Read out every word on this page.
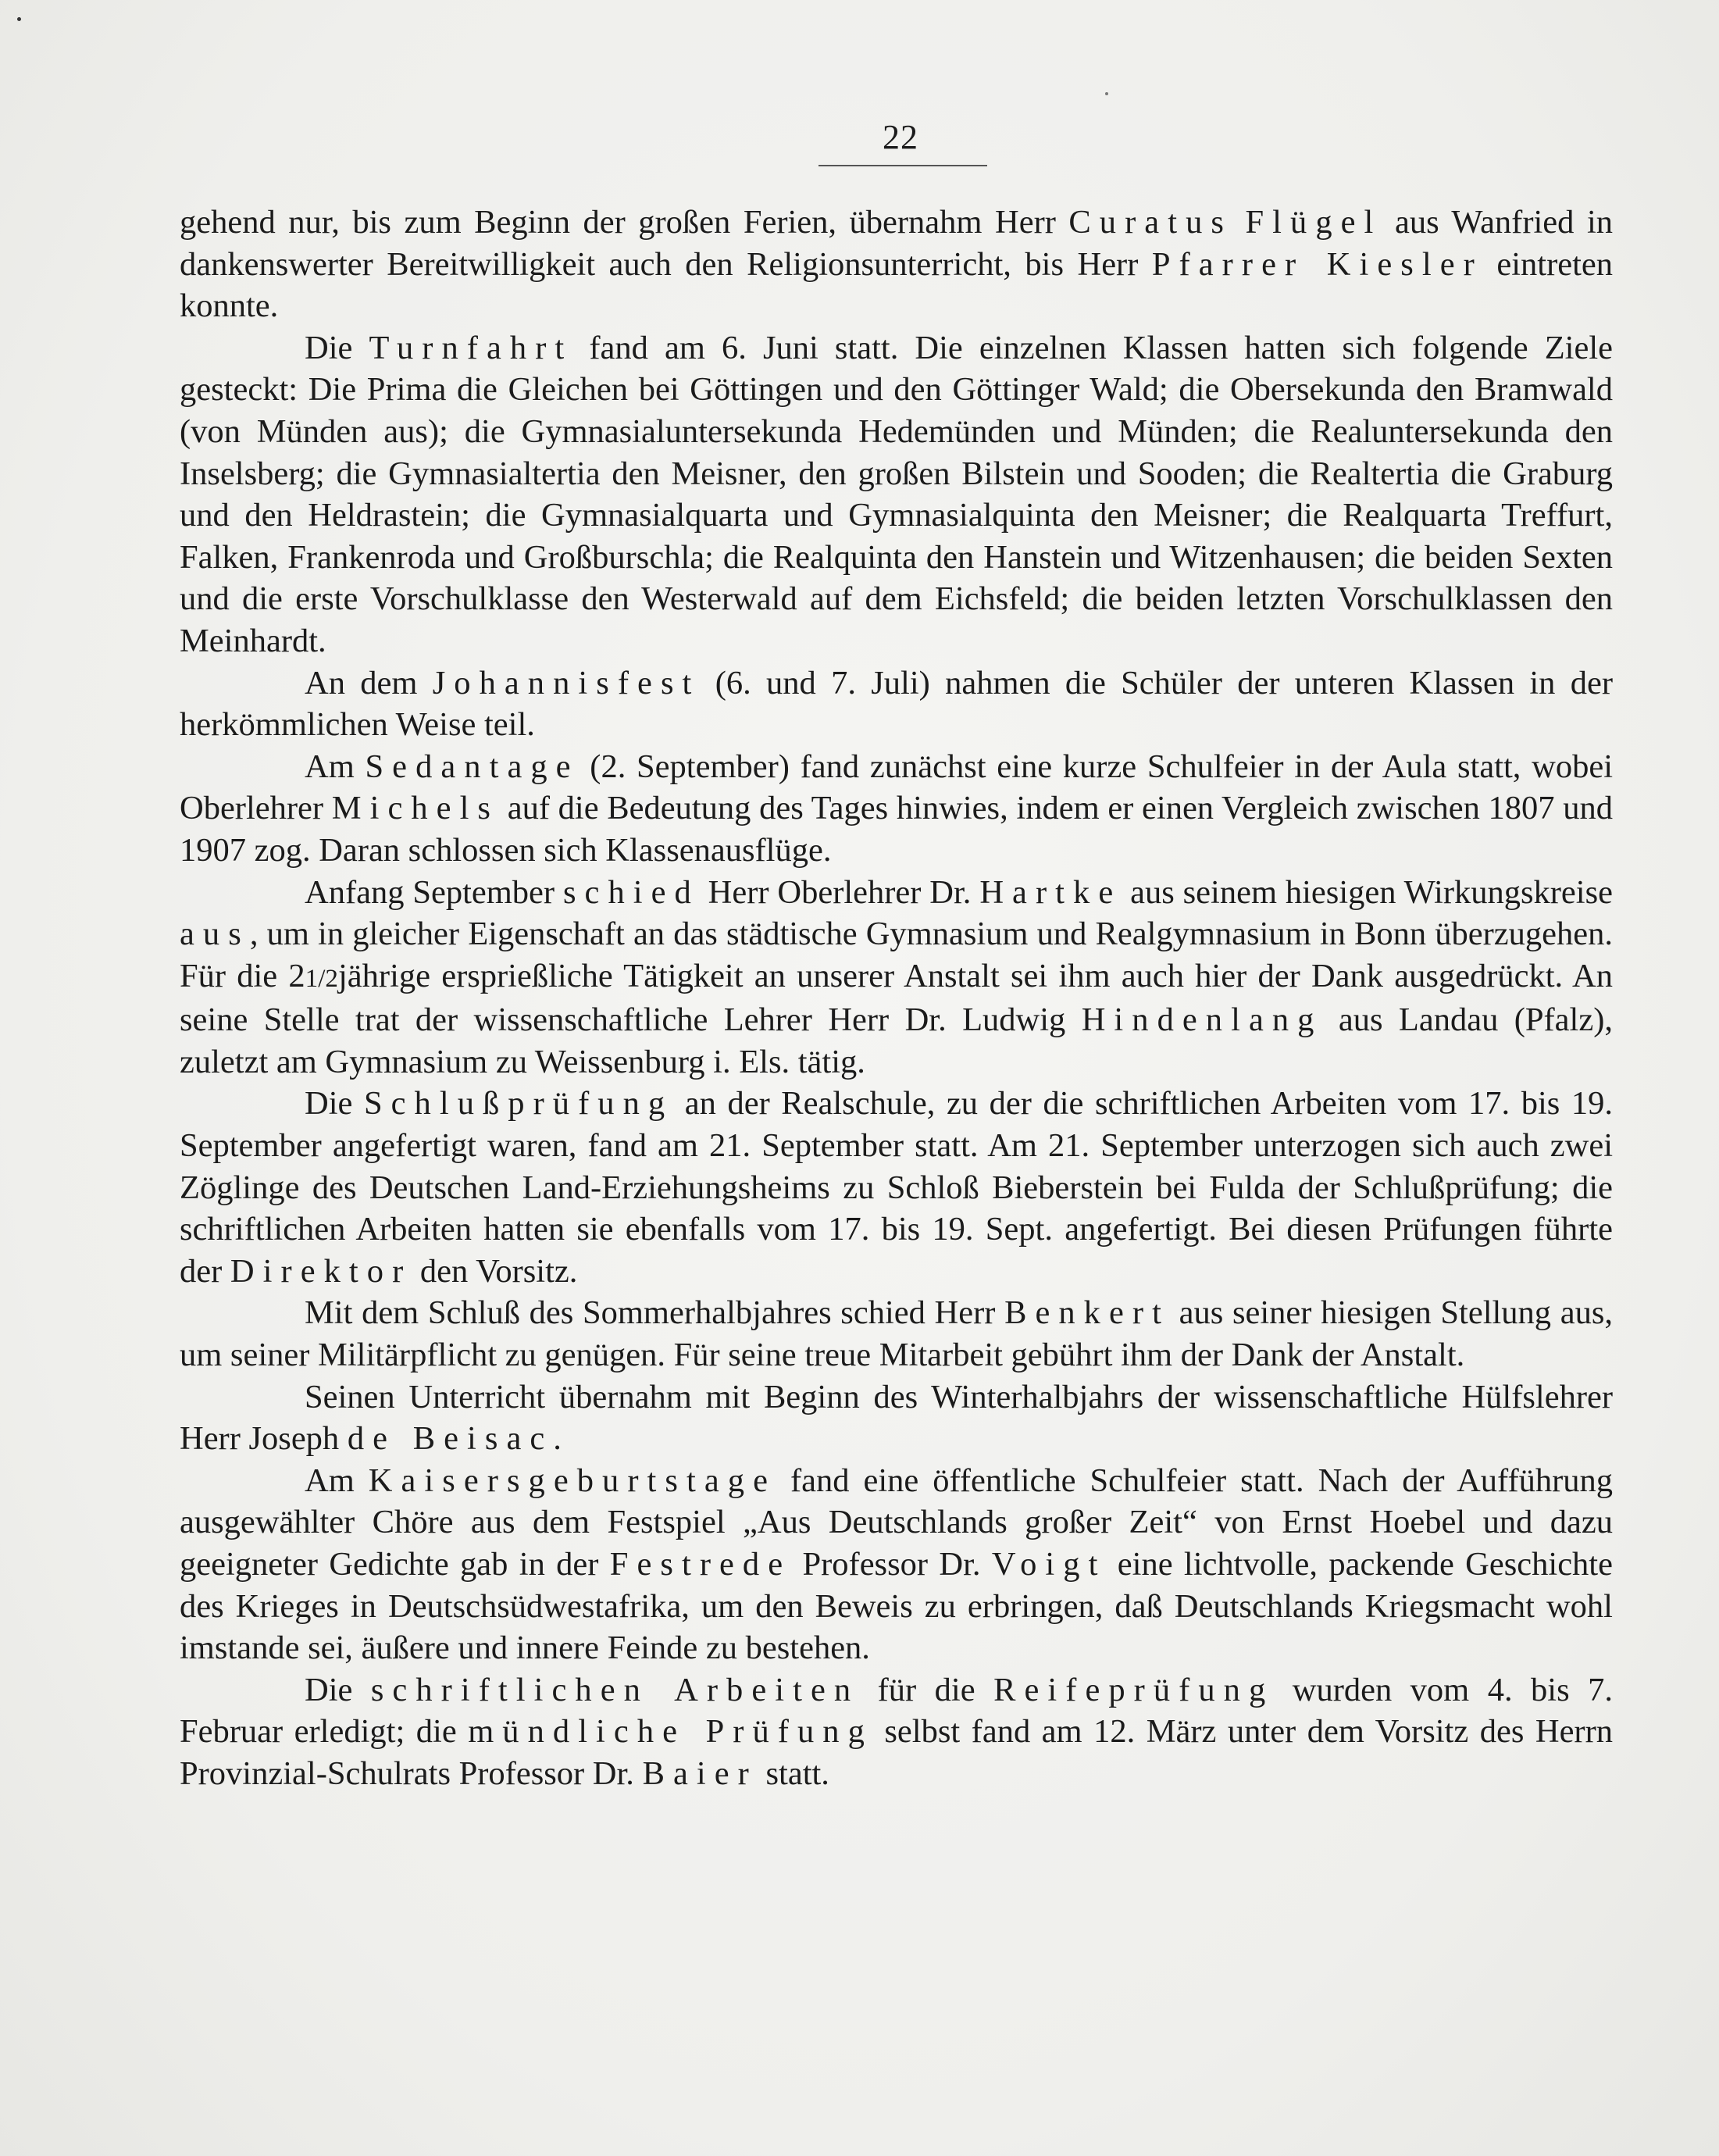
22

gehend nur, bis zum Beginn der großen Ferien, übernahm Herr Curatus Flügel aus Wanfried in dankenswerter Bereitwilligkeit auch den Religionsunterricht, bis Herr Pfarrer Kiesler eintreten konnte.

Die Turnfahrt fand am 6. Juni statt. Die einzelnen Klassen hatten sich folgende Ziele gesteckt: Die Prima die Gleichen bei Göttingen und den Göttinger Wald; die Obersekunda den Bramwald (von Münden aus); die Gymnasialuntersekunda Hedemünden und Münden; die Realuntersekunda den Inselsberg; die Gymnasialtertia den Meisner, den großen Bilstein und Sooden; die Realtertia die Graburg und den Heldrastein; die Gymnasialquarta und Gymnasialquinta den Meisner; die Realquarta Treffurt, Falken, Frankenroda und Großburschla; die Realquinta den Hanstein und Witzenhausen; die beiden Sexten und die erste Vorschulklasse den Westerwald auf dem Eichsfeld; die beiden letzten Vorschulklassen den Meinhardt.

An dem Johannisfest (6. und 7. Juli) nahmen die Schüler der unteren Klassen in der herkömmlichen Weise teil.

Am Sedantage (2. September) fand zunächst eine kurze Schulfeier in der Aula statt, wobei Oberlehrer Michels auf die Bedeutung des Tages hinwies, indem er einen Vergleich zwischen 1807 und 1907 zog. Daran schlossen sich Klassenausflüge.

Anfang September schied Herr Oberlehrer Dr. Hartke aus seinem hiesigen Wirkungskreise aus, um in gleicher Eigenschaft an das städtische Gymnasium und Realgymnasium in Bonn überzugehen. Für die 21/2jährige ersprießliche Tätigkeit an unserer Anstalt sei ihm auch hier der Dank ausgedrückt. An seine Stelle trat der wissenschaftliche Lehrer Herr Dr. Ludwig Hindenlang aus Landau (Pfalz), zuletzt am Gymnasium zu Weissenburg i. Els. tätig.

Die Schlußprüfung an der Realschule, zu der die schriftlichen Arbeiten vom 17. bis 19. September angefertigt waren, fand am 21. September statt. Am 21. September unterzogen sich auch zwei Zöglinge des Deutschen Land-Erziehungsheims zu Schloß Bieberstein bei Fulda der Schlußprüfung; die schriftlichen Arbeiten hatten sie ebenfalls vom 17. bis 19. Sept. angefertigt. Bei diesen Prüfungen führte der Direktor den Vorsitz.

Mit dem Schluß des Sommerhalbjahres schied Herr Benkert aus seiner hiesigen Stellung aus, um seiner Militärpflicht zu genügen. Für seine treue Mitarbeit gebührt ihm der Dank der Anstalt.

Seinen Unterricht übernahm mit Beginn des Winterhalbjahrs der wissenschaftliche Hülfslehrer Herr Joseph de Beisac.

Am Kaisersgeburtstage fand eine öffentliche Schulfeier statt. Nach der Aufführung ausgewählter Chöre aus dem Festspiel „Aus Deutschlands großer Zeit“ von Ernst Hoebel und dazu geeigneter Gedichte gab in der Festrede Professor Dr. Voigt eine lichtvolle, packende Geschichte des Krieges in Deutschsüdwestafrika, um den Beweis zu erbringen, daß Deutschlands Kriegsmacht wohl imstande sei, äußere und innere Feinde zu bestehen.

Die schriftlichen Arbeiten für die Reifeprüfung wurden vom 4. bis 7. Februar erledigt; die mündliche Prüfung selbst fand am 12. März unter dem Vorsitz des Herrn Provinzial-Schulrats Professor Dr. Baier statt.
